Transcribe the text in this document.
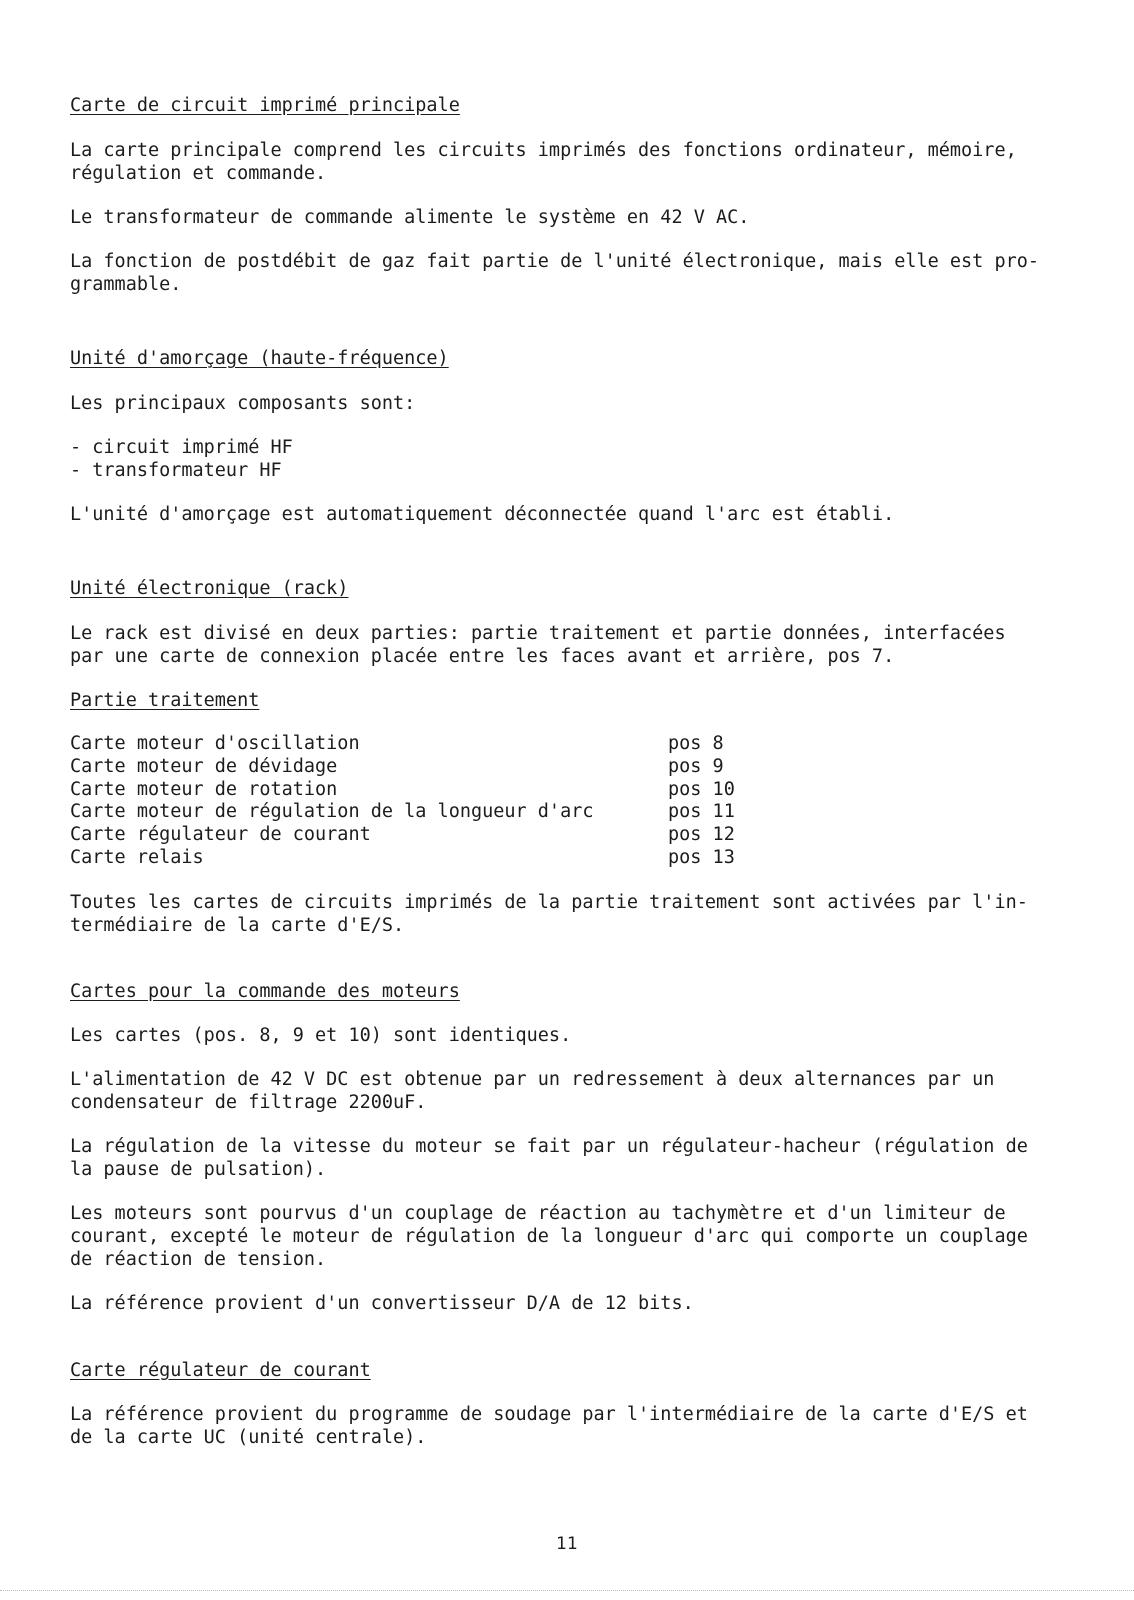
Carte de circuit imprimé principale

La carte principale comprend les circuits imprimés des fonctions ordinateur, mémoire,

régulation et commande.

Le transformateur de commande alimente le système en 42 V AC.

La fonction de postdébit de gaz fait partie de l'unité électronique, mais elle est pro-

grammable.

Unité d'amorçage (haute-fréquence)

Les principaux composants sont:

- circuit imprimé HF

- transformateur HF

L'unité d'amorçage est automatiquement déconnectée quand l'arc est établi.

Unité électronique (rack)

Le rack est divisé en deux parties: partie traitement et partie données, interfacées

par une carte de connexion placée entre les faces avant et arrière, pos 7.

Partie traitement

Carte moteur d'oscillation	pos 8
Carte moteur de dévidage	pos 9
Carte moteur de rotation	pos 10
Carte moteur de régulation de la longueur d'arc	pos 11
Carte régulateur de courant	pos 12
Carte relais	pos 13

Toutes les cartes de circuits imprimés de la partie traitement sont activées par l'in-

termédiaire de la carte d'E/S.

Cartes pour la commande des moteurs

Les cartes (pos. 8, 9 et 10) sont identiques.

L'alimentation de 42 V DC est obtenue par un redressement à deux alternances par un

condensateur de filtrage 2200uF.

La régulation de la vitesse du moteur se fait par un régulateur-hacheur (régulation de

la pause de pulsation).

Les moteurs sont pourvus d'un couplage de réaction au tachymètre et d'un limiteur de

courant, excepté le moteur de régulation de la longueur d'arc qui comporte un couplage

de réaction de tension.

La référence provient d'un convertisseur D/A de 12 bits.

Carte régulateur de courant

La référence provient du programme de soudage par l'intermédiaire de la carte d'E/S et

de la carte UC (unité centrale).

11
